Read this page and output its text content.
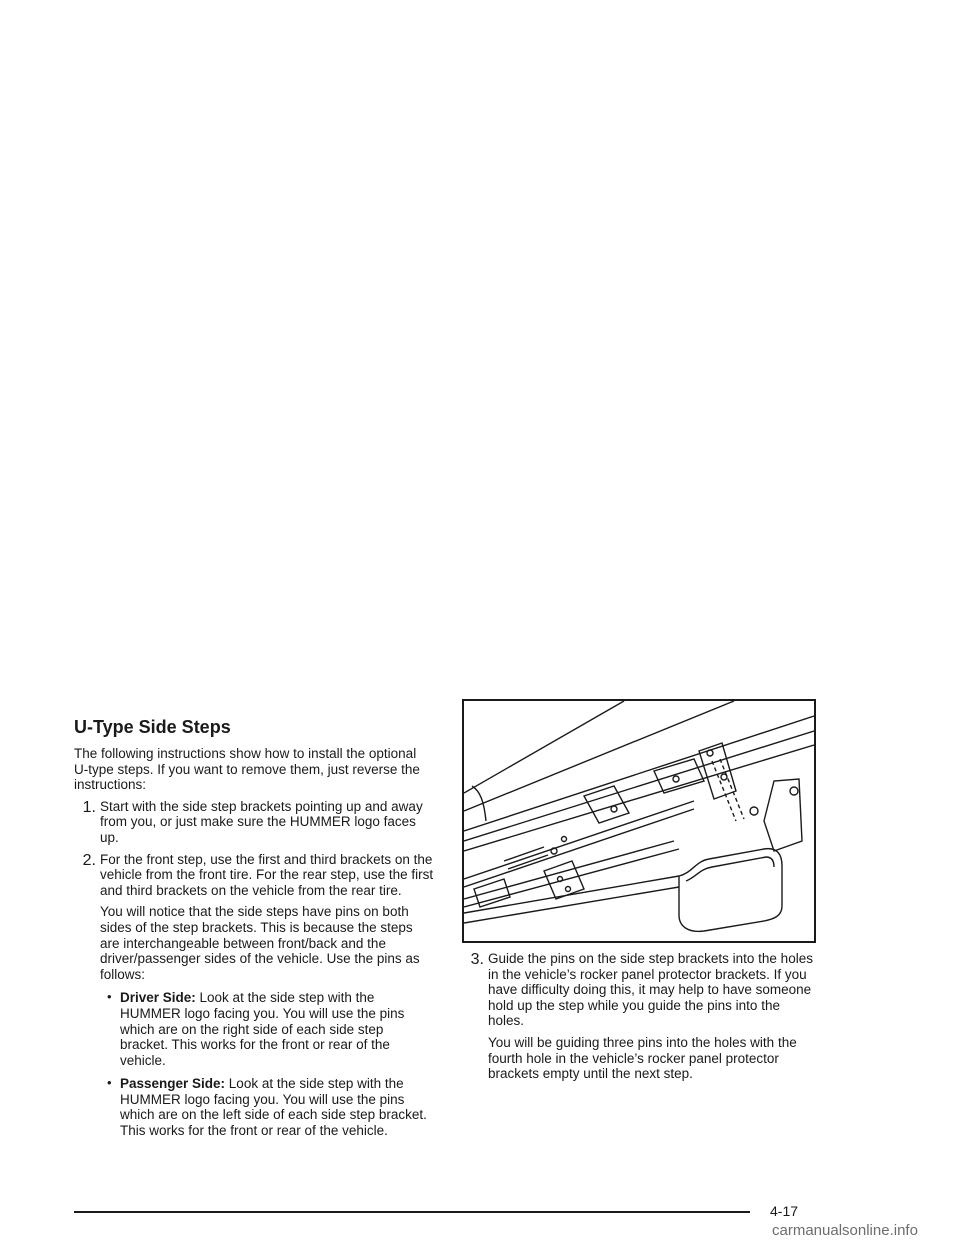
U-Type Side Steps

The following instructions show how to install the optional U-type steps. If you want to remove them, just reverse the instructions:

1. Start with the side step brackets pointing up and away from you, or just make sure the HUMMER logo faces up.

2. For the front step, use the first and third brackets on the vehicle from the front tire. For the rear step, use the first and third brackets on the vehicle from the rear tire.

You will notice that the side steps have pins on both sides of the step brackets. This is because the steps are interchangeable between front/back and the driver/passenger sides of the vehicle. Use the pins as follows:

• Driver Side: Look at the side step with the HUMMER logo facing you. You will use the pins which are on the right side of each side step bracket. This works for the front or rear of the vehicle.

• Passenger Side: Look at the side step with the HUMMER logo facing you. You will use the pins which are on the left side of each side step bracket. This works for the front or rear of the vehicle.

3. Guide the pins on the side step brackets into the holes in the vehicle’s rocker panel protector brackets. If you have difficulty doing this, it may help to have someone hold up the step while you guide the pins into the holes.

You will be guiding three pins into the holes with the fourth hole in the vehicle’s rocker panel protector brackets empty until the next step.

4-17
carmanualsonline.info
